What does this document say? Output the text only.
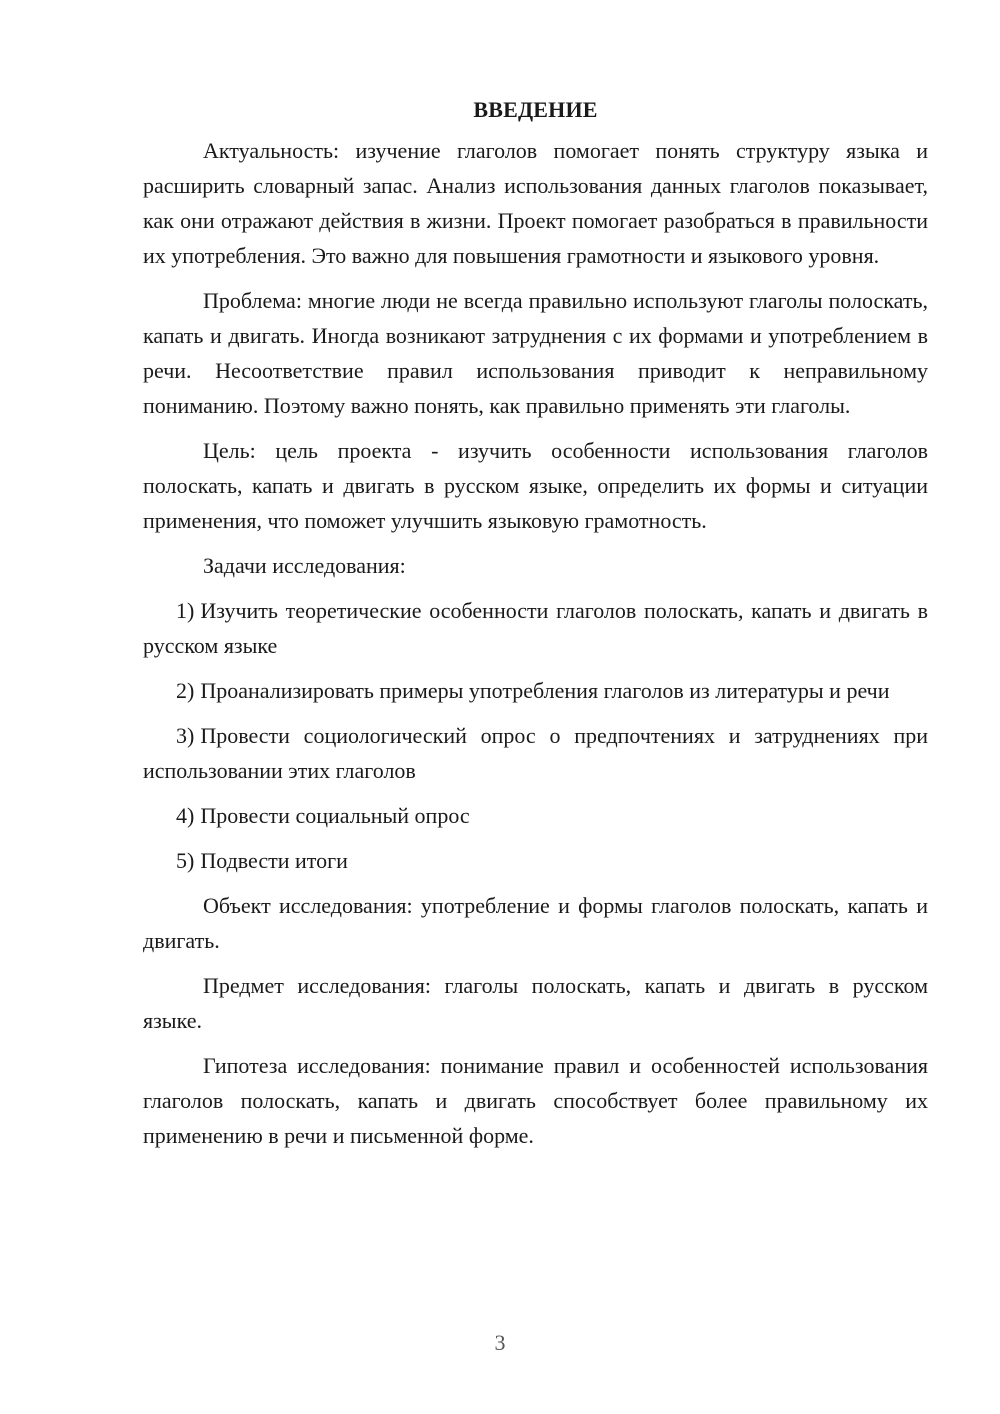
ВВЕДЕНИЕ

Актуальность: изучение глаголов помогает понять структуру языка и расширить словарный запас. Анализ использования данных глаголов показывает, как они отражают действия в жизни. Проект помогает разобраться в правильности их употребления. Это важно для повышения грамотности и языкового уровня.

Проблема: многие люди не всегда правильно используют глаголы полоскать, капать и двигать. Иногда возникают затруднения с их формами и употреблением в речи. Несоответствие правил использования приводит к неправильному пониманию. Поэтому важно понять, как правильно применять эти глаголы.

Цель: цель проекта - изучить особенности использования глаголов полоскать, капать и двигать в русском языке, определить их формы и ситуации применения, что поможет улучшить языковую грамотность.

Задачи исследования:

1) Изучить теоретические особенности глаголов полоскать, капать и двигать в русском языке

2) Проанализировать примеры употребления глаголов из литературы и речи

3) Провести социологический опрос о предпочтениях и затруднениях при использовании этих глаголов

4) Провести социальный опрос

5) Подвести итоги

Объект исследования: употребление и формы глаголов полоскать, капать и двигать.

Предмет исследования: глаголы полоскать, капать и двигать в русском языке.

Гипотеза исследования: понимание правил и особенностей использования глаголов полоскать, капать и двигать способствует более правильному их применению в речи и письменной форме.

3
